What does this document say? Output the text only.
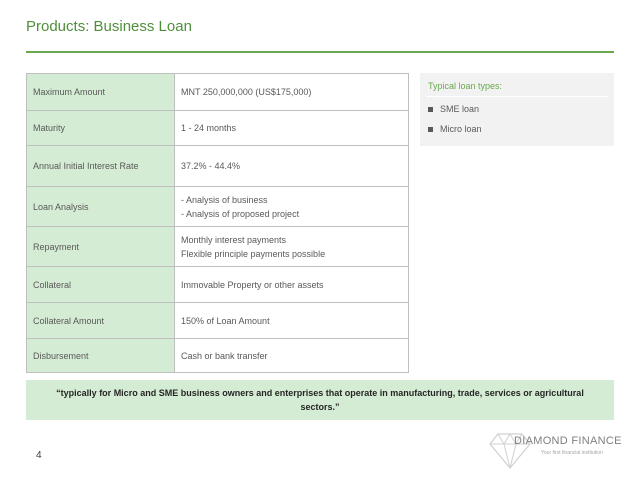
Products: Business Loan
Maximum Amount	MNT 250,000,000 (US$175,000)

Maturity	1 - 24 months

Annual Initial Interest Rate	37.2% - 44.4%

Loan Analysis	- Analysis of business
- Analysis of proposed project

Repayment	Monthly interest payments
Flexible principle payments possible

Collateral	Immovable Property or other assets

Collateral Amount	150% of Loan Amount

Disbursement	Cash or bank transfer
Typical loan types:
SME loan
Micro loan
“typically for Micro and SME business owners and enterprises that operate in manufacturing, trade, services or agricultural sectors.”
4
DIAMOND FINANCE
Your first financial institution
